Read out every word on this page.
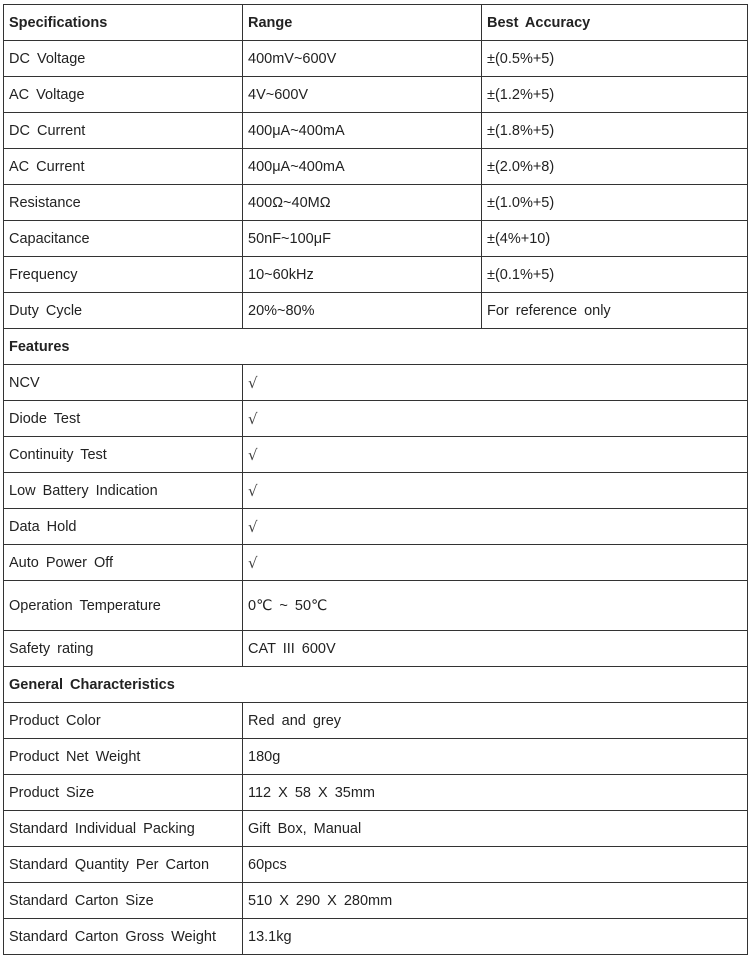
Specifications	Range	Best Accuracy
DC Voltage	400mV~600V	±(0.5%+5)
AC Voltage	4V~600V	±(1.2%+5)
DC Current	400μA~400mA	±(1.8%+5)
AC Current	400μA~400mA	±(2.0%+8)
Resistance	400Ω~40MΩ	±(1.0%+5)
Capacitance	50nF~100μF	±(4%+10)
Frequency	10~60kHz	±(0.1%+5)
Duty Cycle	20%~80%	For reference only
Features		
NCV	√	
Diode Test	√	
Continuity Test	√	
Low Battery Indication	√	
Data Hold	√	
Auto Power Off	√	
Operation Temperature	0℃ ~ 50℃	
Safety rating	CAT III 600V	
General Characteristics		
Product Color	Red and grey	
Product Net Weight	180g	
Product Size	112 X 58 X 35mm	
Standard Individual Packing	Gift Box, Manual	
Standard Quantity Per Carton	60pcs	
Standard Carton Size	510 X 290 X 280mm	
Standard Carton Gross Weight	13.1kg	
